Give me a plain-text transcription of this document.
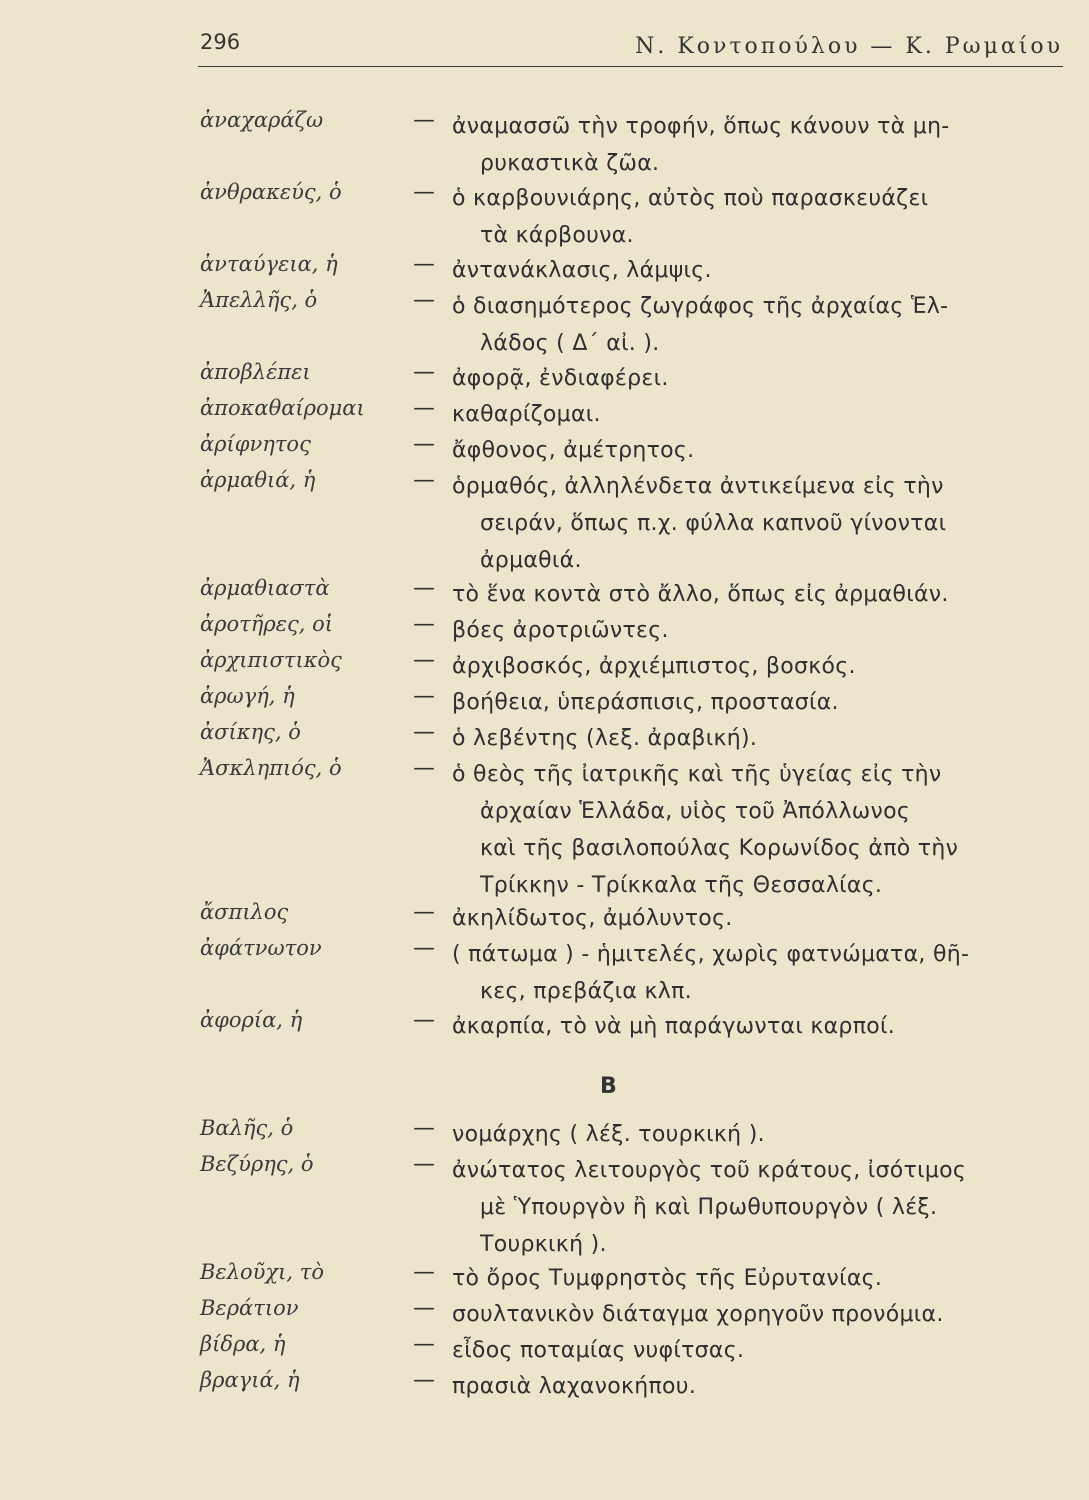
296	Ν. Κοντοπούλου — Κ. Ρωμαίου
ἀναχαράζω	— ἀναμασσῶ τὴν τροφήν, ὅπως κάνουν τὰ μη-
ρυκαστικὰ ζῶα.
ἀνθρακεύς, ὁ	— ὁ καρβουνιάρης, αὐτὸς ποὺ παρασκευάζει
τὰ κάρβουνα.
ἀνταύγεια, ἡ	— ἀντανάκλασις, λάμψις.
Ἀπελλῆς, ὁ	— ὁ διασημότερος ζωγράφος τῆς ἀρχαίας Ἑλ-
λάδος ( Δ΄ αἰ. ).
ἀποβλέπει	— ἀφορᾷ, ἐνδιαφέρει.
ἀποκαθαίρομαι — καθαρίζομαι.
ἀρίφνητος	— ἄφθονος, ἀμέτρητος.
ἀρμαθιά, ἡ	— ὁρμαθός, ἀλληλένδετα ἀντικείμενα εἰς τὴν
σειράν, ὅπως π.χ. φύλλα καπνοῦ γίνονται
ἀρμαθιά.
ἀρμαθιαστὰ	— τὸ ἕνα κοντὰ στὸ ἄλλο, ὅπως εἰς ἀρμαθιάν.
ἀροτῆρες, οἱ	— βόες ἀροτριῶντες.
ἀρχιπιστικὸς	— ἀρχιβοσκός, ἀρχιέμπιστος, βοσκός.
ἀρωγή, ἡ	— βοήθεια, ὑπεράσπισις, προστασία.
ἀσίκης, ὁ	— ὁ λεβέντης (λεξ. ἀραβική).
Ἀσκληπιός, ὁ	— ὁ θεὸς τῆς ἰατρικῆς καὶ τῆς ὑγείας εἰς τὴν
ἀρχαίαν Ἑλλάδα, υἱὸς τοῦ Ἀπόλλωνος
καὶ τῆς βασιλοπούλας Κορωνίδος ἀπὸ τὴν
Τρίκκην - Τρίκκαλα τῆς Θεσσαλίας.
ἄσπιλος	— ἀκηλίδωτος, ἀμόλυντος.
ἀφάτνωτον	— ( πάτωμα ) - ἡμιτελές, χωρὶς φατνώματα, θῆ-
κες, πρεβάζια κλπ.
ἀφορία, ἡ	— ἀκαρπία, τὸ νὰ μὴ παράγωνται καρποί.
Βαλῆς, ὁ	— νομάρχης ( λέξ. τουρκική ).
Βεζύρης, ὁ	— ἀνώτατος λειτουργὸς τοῦ κράτους, ἰσότιμος
μὲ Ὑπουργὸν ἢ καὶ Πρωθυπουργὸν ( λέξ.
Τουρκική ).
Βελοῦχι, τὸ	— τὸ ὄρος Τυμφρηστὸς τῆς Εὐρυτανίας.
Βεράτιον	— σουλτανικὸν διάταγμα χορηγοῦν προνόμια.
βίδρα, ἡ	— εἶδος ποταμίας νυφίτσας.
βραγιά, ἡ	— πρασιὰ λαχανοκήπου.
Β
